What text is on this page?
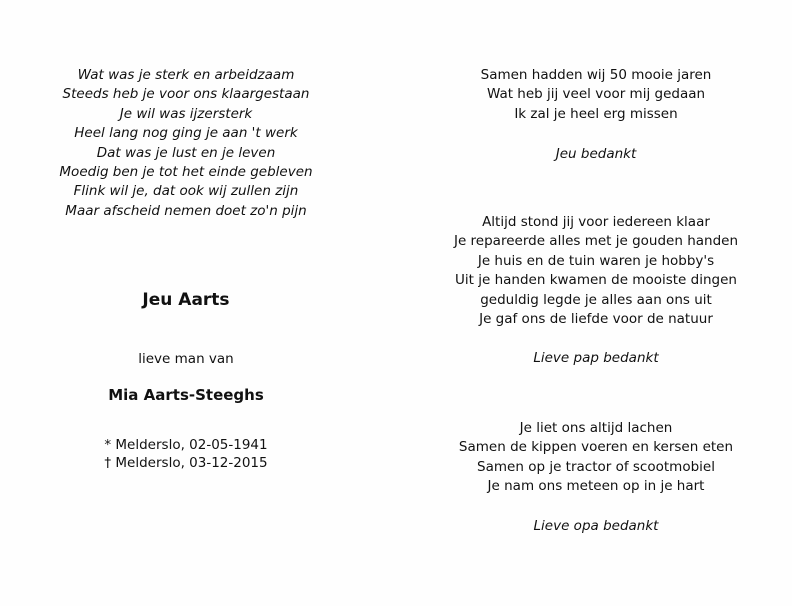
Wat was je sterk en arbeidzaam
Steeds heb je voor ons klaargestaan
Je wil was ijzersterk
Heel lang nog ging je aan 't werk
Dat was je lust en je leven
Moedig ben je tot het einde gebleven
Flink wil je, dat ook wij zullen zijn
Maar afscheid nemen doet zo'n pijn
Jeu Aarts
lieve man van
Mia Aarts-Steeghs
* Melderslo, 02-05-1941
† Melderslo, 03-12-2015
Samen hadden wij 50 mooie jaren
Wat heb jij veel voor mij gedaan
Ik zal je heel erg missen
Jeu bedankt
Altijd stond jij voor iedereen klaar
Je repareerde alles met je gouden handen
Je huis en de tuin waren je hobby's
Uit je handen kwamen de mooiste dingen
geduldig legde je alles aan ons uit
Je gaf ons de liefde voor de natuur
Lieve pap bedankt
Je liet ons altijd lachen
Samen de kippen voeren en kersen eten
Samen op je tractor of scootmobiel
Je nam ons meteen op in je hart
Lieve opa bedankt
